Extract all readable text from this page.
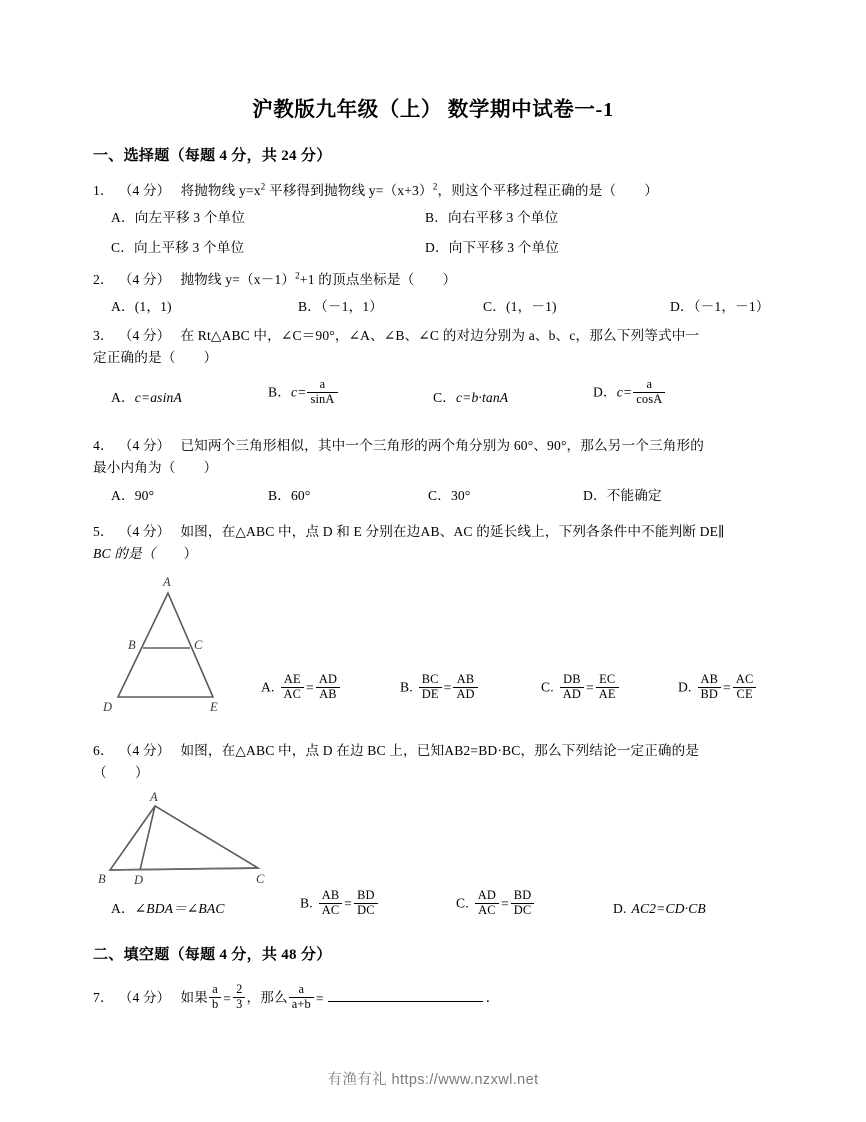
沪教版九年级（上） 数学期中试卷一-1
一、选择题（每题 4 分，共 24 分）
1． （4 分） 将抛物线 $y=x^2$ 平移得到抛物线 $y=(x+3)^2$，则这个平移过程正确的是（ ）
A．向左平移 3 个单位	B．向右平移 3 个单位
C．向上平移 3 个单位	D．向下平移 3 个单位
2． （4 分） 抛物线 $y=(x-1)^2+1$ 的顶点坐标是（ ）
A．(1，1)	B．（－1，1）	C．(1，－1)	D．（－1，－1）
3． （4 分） 在 Rt△ABC 中，∠C＝90°，∠A、∠B、∠C 的对边分别为 a、b、c，那么下列等式中一
定正确的是（ ）
A．c=asinA	B．$c= \frac{a}{\sin A}$	C．c=b·tanA	D．$c= \frac{a}{\cos A}$
4． （4 分） 已知两个三角形相似，其中一个三角形的两个角分别为 60°、90°，那么另一个三角形的
最小内角为（ ）
A．90°	B．60°	C．30°	D．不能确定
5． （4 分） 如图，在△ABC 中，点 D 和 E 分别在边AB、AC 的延长线上，下列各条件中不能判断 DE∥
BC 的是（ ）
A
B	C
D	E
A. $\frac{AE}{AC} = \frac{AD}{AB}$	B. $\frac{BC}{DE} = \frac{AB}{AD}$	C. $\frac{DB}{AD} = \frac{EC}{AE}$	D. $\frac{AB}{BD} = \frac{AC}{CE}$
6． （4 分） 如图，在△ABC 中，点 D 在边 BC 上，已知AB2=BD·BC，那么下列结论一定正确的是
（ ）
A
B D	C
A．∠BDA＝∠BAC	B. $\frac{AB}{AC} = \frac{BD}{DC}$	C. $\frac{AD}{AC} = \frac{BD}{DC}$	D. AC2=CD·CB
二、填空题（每题 4 分，共 48 分）
7． （4 分） 如果 $\frac{a}{b} = \frac{2}{3}$ ，那么 $\frac{a}{a+b}$ =	．
有渔有礼 https://www.nzxwl.net
